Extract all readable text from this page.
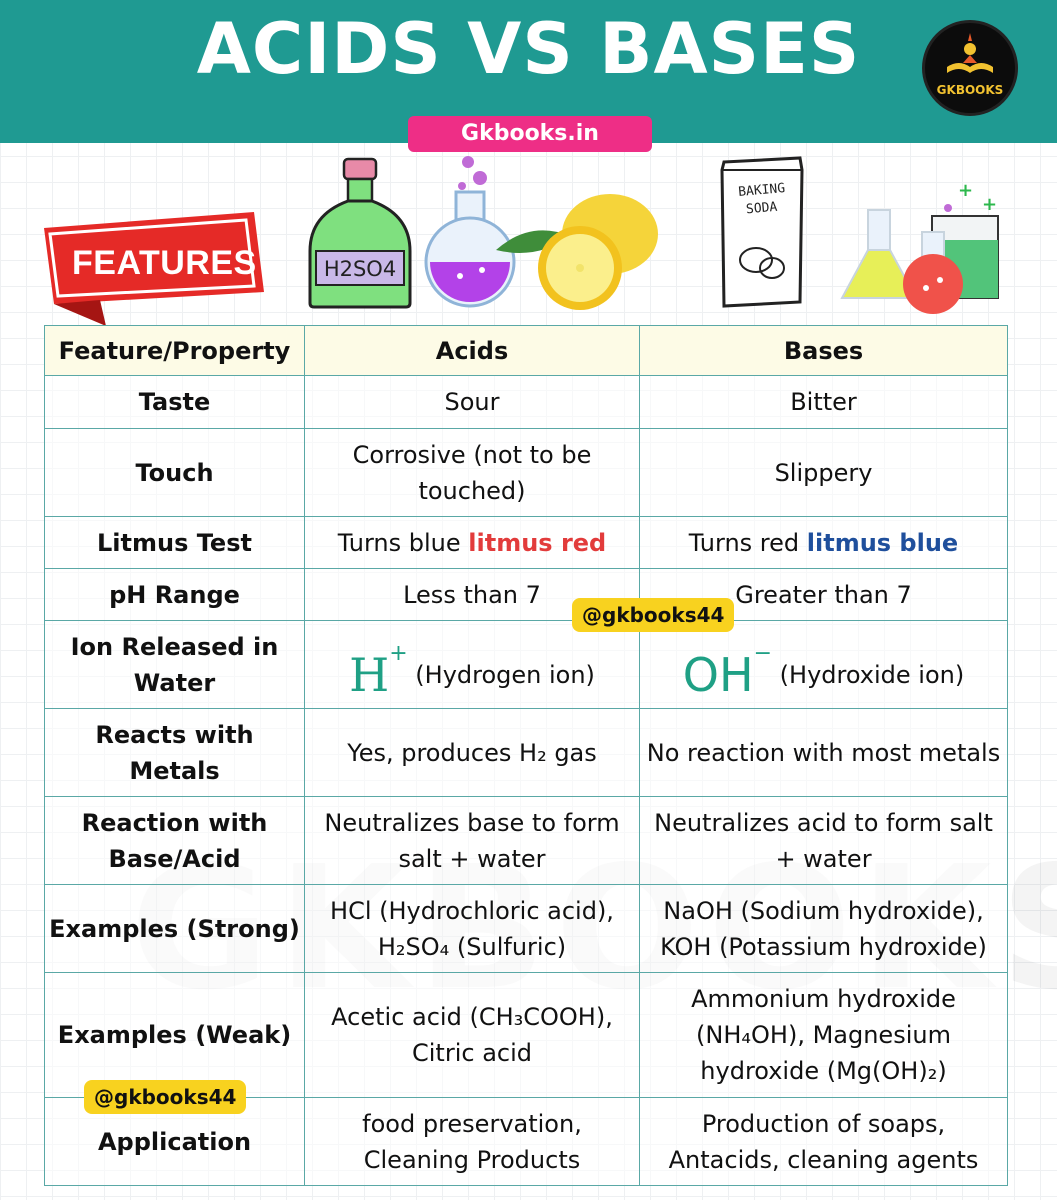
ACIDS VS BASES	GKBOOKS
Gkbooks.in
FEATURES	H2SO4
BAKING
SODA
+
+
Feature/Property	Acids	Bases
Taste	Sour	Bitter
Touch	Corrosive (not to be touched)	Slippery
Litmus Test	Turns blue litmus red	Turns red litmus blue
pH Range	Less than 7	Greater than 7
Ion Released in Water	H+ (Hydrogen ion)	OH− (Hydroxide ion)
Reacts with Metals	Yes, produces H₂ gas	No reaction with most metals
Reaction with Base/Acid	Neutralizes base to form salt + water	Neutralizes acid to form salt + water
Examples (Strong)	HCl (Hydrochloric acid), H₂SO₄ (Sulfuric)	NaOH (Sodium hydroxide), KOH (Potassium hydroxide)
Examples (Weak)	Acetic acid (CH₃COOH), Citric acid	Ammonium hydroxide (NH₄OH), Magnesium hydroxide (Mg(OH)₂)
Application	food preservation, Cleaning Products	Production of soaps, Antacids, cleaning agents
@gkbooks44
@gkbooks44
